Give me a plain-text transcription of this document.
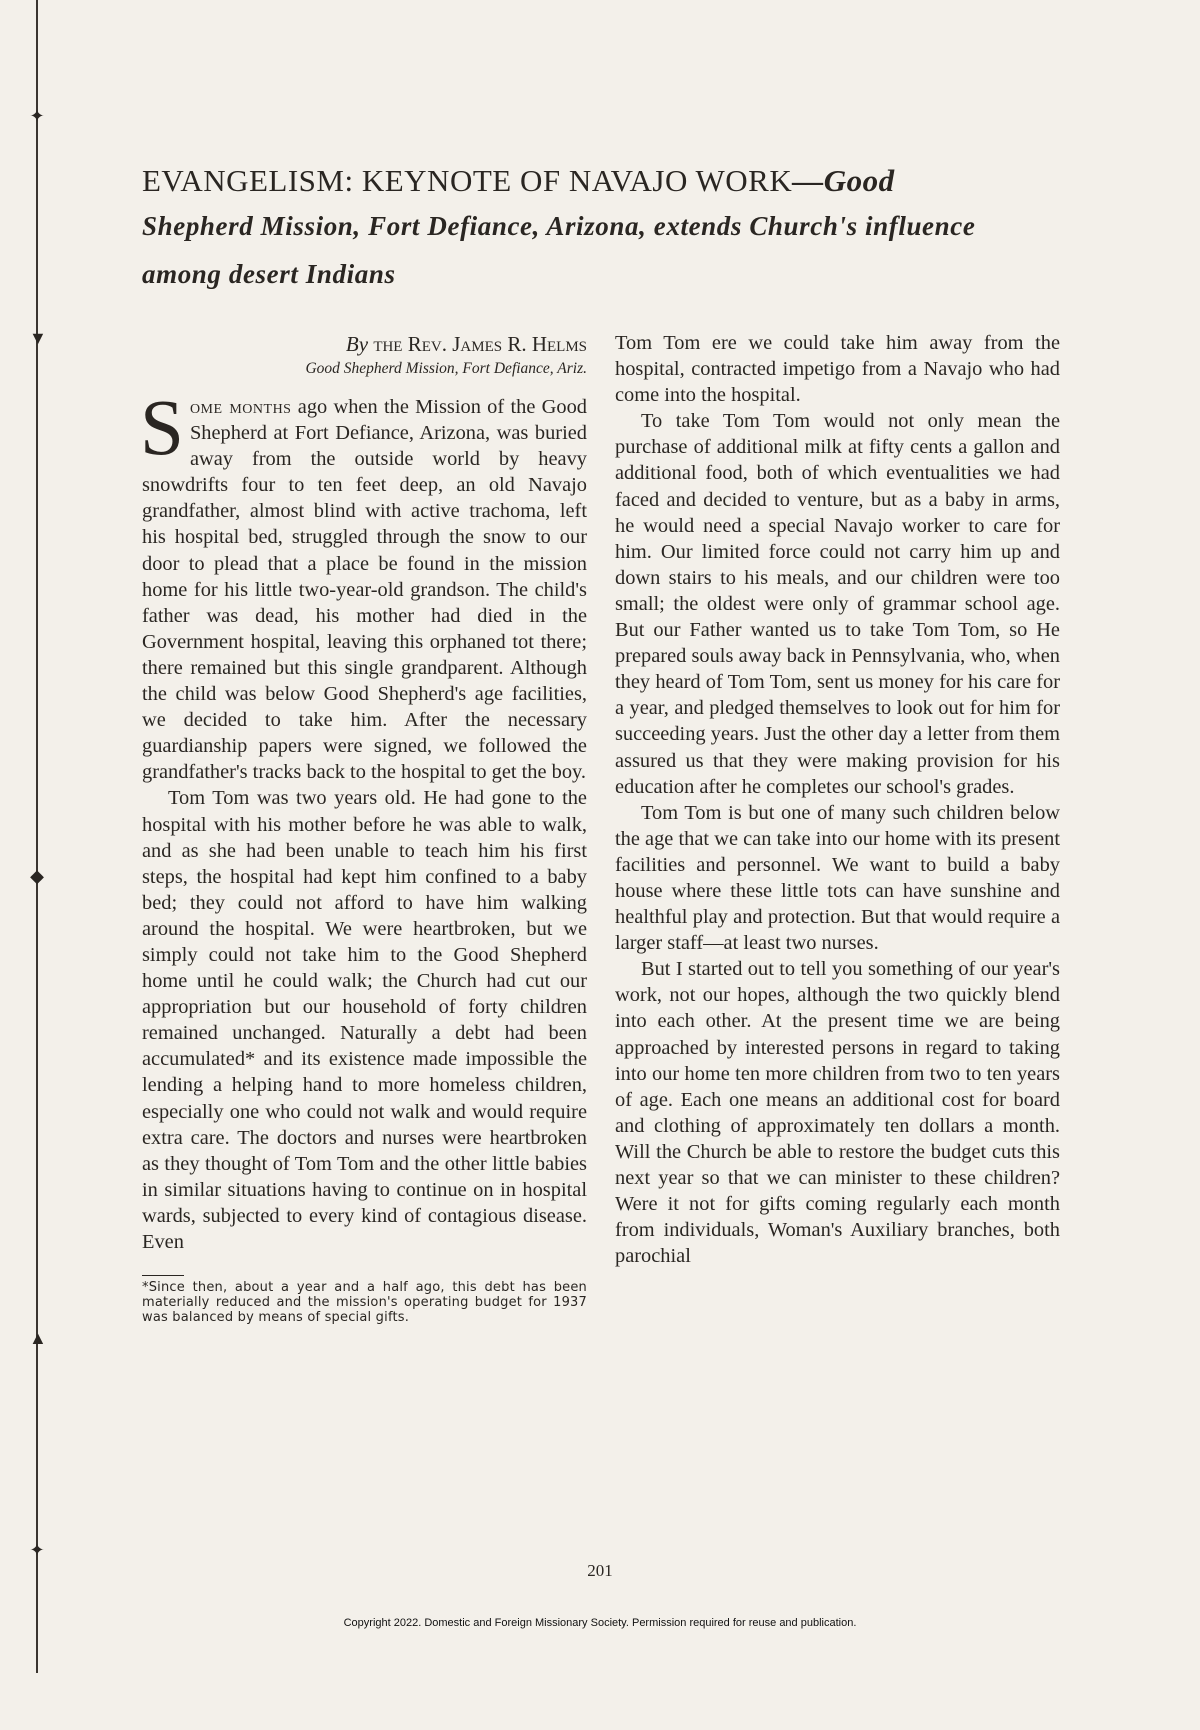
✦
▼
◆
▲
✦
EVANGELISM: KEYNOTE OF NAVAJO WORK—Good
Shepherd Mission, Fort Defiance, Arizona, extends Church's influence among desert Indians

By the Rev. James R. Helms

Good Shepherd Mission, Fort Defiance, Ariz.

Some months ago when the Mission of the Good Shepherd at Fort Defiance, Arizona, was buried away from the outside world by heavy snowdrifts four to ten feet deep, an old Navajo grandfather, almost blind with active trachoma, left his hospital bed, struggled through the snow to our door to plead that a place be found in the mission home for his little two-year-old grandson. The child's father was dead, his mother had died in the Government hospital, leaving this orphaned tot there; there remained but this single grandparent. Although the child was below Good Shepherd's age facilities, we decided to take him. After the necessary guardianship papers were signed, we followed the grandfather's tracks back to the hospital to get the boy.

Tom Tom was two years old. He had gone to the hospital with his mother before he was able to walk, and as she had been unable to teach him his first steps, the hospital had kept him confined to a baby bed; they could not afford to have him walking around the hospital. We were heartbroken, but we simply could not take him to the Good Shepherd home until he could walk; the Church had cut our appropriation but our household of forty children remained unchanged. Naturally a debt had been accumulated* and its existence made impossible the lending a helping hand to more homeless children, especially one who could not walk and would require extra care. The doctors and nurses were heartbroken as they thought of Tom Tom and the other little babies in similar situations having to continue on in hospital wards, subjected to every kind of contagious disease. Even

*Since then, about a year and a half ago, this debt has been materially reduced and the mission's operating budget for 1937 was balanced by means of special gifts.

Tom Tom ere we could take him away from the hospital, contracted impetigo from a Navajo who had come into the hospital.

To take Tom Tom would not only mean the purchase of additional milk at fifty cents a gallon and additional food, both of which eventualities we had faced and decided to venture, but as a baby in arms, he would need a special Navajo worker to care for him. Our limited force could not carry him up and down stairs to his meals, and our children were too small; the oldest were only of grammar school age. But our Father wanted us to take Tom Tom, so He prepared souls away back in Pennsylvania, who, when they heard of Tom Tom, sent us money for his care for a year, and pledged themselves to look out for him for succeeding years. Just the other day a letter from them assured us that they were making provision for his education after he completes our school's grades.

Tom Tom is but one of many such children below the age that we can take into our home with its present facilities and personnel. We want to build a baby house where these little tots can have sunshine and healthful play and protection. But that would require a larger staff—at least two nurses.

But I started out to tell you something of our year's work, not our hopes, although the two quickly blend into each other. At the present time we are being approached by interested persons in regard to taking into our home ten more children from two to ten years of age. Each one means an additional cost for board and clothing of approximately ten dollars a month. Will the Church be able to restore the budget cuts this next year so that we can minister to these children? Were it not for gifts coming regularly each month from individuals, Woman's Auxiliary branches, both parochial

201
Copyright 2022. Domestic and Foreign Missionary Society. Permission required for reuse and publication.
